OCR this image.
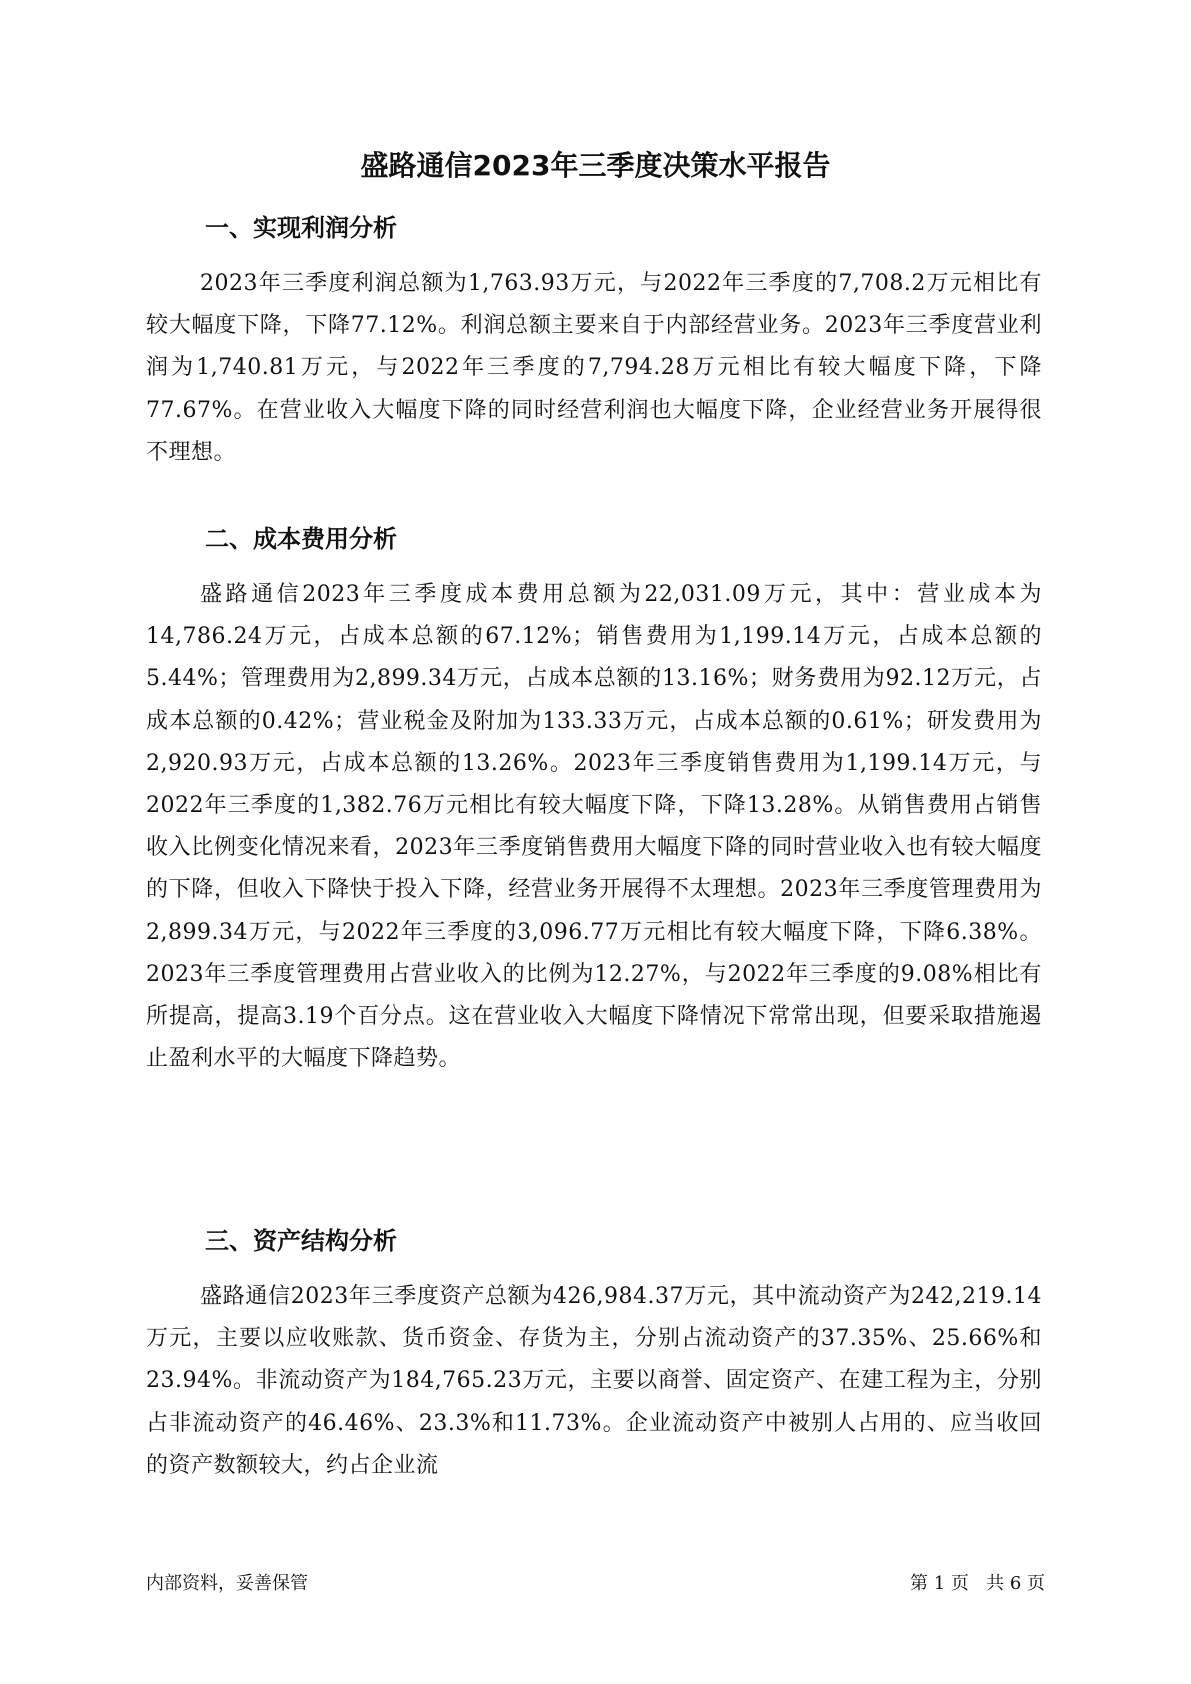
盛路通信2023年三季度决策水平报告
一、实现利润分析

2023年三季度利润总额为1,763.93万元，与2022年三季度的7,708.2万元相比有较大幅度下降，下降77.12%。利润总额主要来自于内部经营业务。2023年三季度营业利润为1,740.81万元，与2022年三季度的7,794.28万元相比有较大幅度下降，下降77.67%。在营业收入大幅度下降的同时经营利润也大幅度下降，企业经营业务开展得很不理想。

二、成本费用分析

盛路通信2023年三季度成本费用总额为22,031.09万元，其中：营业成本为14,786.24万元，占成本总额的67.12%；销售费用为1,199.14万元，占成本总额的5.44%；管理费用为2,899.34万元，占成本总额的13.16%；财务费用为92.12万元，占成本总额的0.42%；营业税金及附加为133.33万元，占成本总额的0.61%；研发费用为2,920.93万元，占成本总额的13.26%。2023年三季度销售费用为1,199.14万元，与2022年三季度的1,382.76万元相比有较大幅度下降，下降13.28%。从销售费用占销售收入比例变化情况来看，2023年三季度销售费用大幅度下降的同时营业收入也有较大幅度的下降，但收入下降快于投入下降，经营业务开展得不太理想。2023年三季度管理费用为2,899.34万元，与2022年三季度的3,096.77万元相比有较大幅度下降，下降6.38%。2023年三季度管理费用占营业收入的比例为12.27%，与2022年三季度的9.08%相比有所提高，提高3.19个百分点。这在营业收入大幅度下降情况下常常出现，但要采取措施遏止盈利水平的大幅度下降趋势。

三、资产结构分析

盛路通信2023年三季度资产总额为426,984.37万元，其中流动资产为242,219.14万元，主要以应收账款、货币资金、存货为主，分别占流动资产的37.35%、25.66%和23.94%。非流动资产为184,765.23万元，主要以商誉、固定资产、在建工程为主，分别占非流动资产的46.46%、23.3%和11.73%。企业流动资产中被别人占用的、应当收回的资产数额较大，约占企业流

内部资料，妥善保管	第 1 页   共 6 页
